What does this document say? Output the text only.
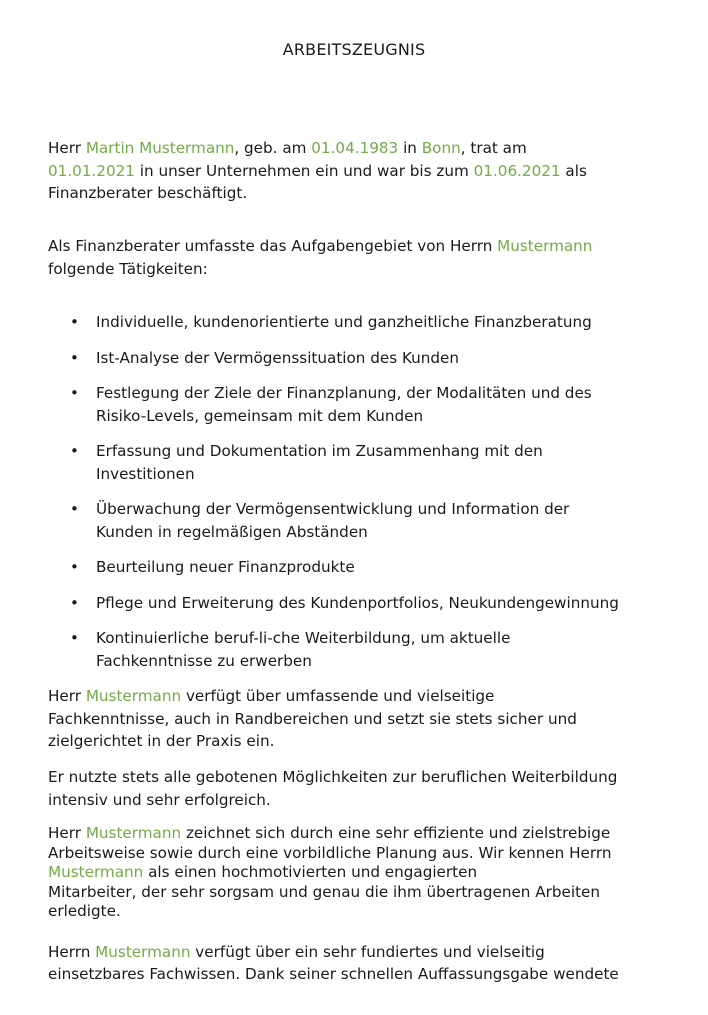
ARBEITSZEUGNIS

Herr Martin Mustermann, geb. am 01.04.1983 in Bonn, trat am
01.01.2021 in unser Unternehmen ein und war bis zum 01.06.2021 als
Finanzberater beschäftigt.

Als Finanzberater umfasste das Aufgabengebiet von Herrn Mustermann
folgende Tätigkeiten:

• Individuelle, kundenorientierte und ganzheitliche Finanzberatung
• Ist-Analyse der Vermögenssituation des Kunden
• Festlegung der Ziele der Finanzplanung, der Modalitäten und des
Risiko-Levels, gemeinsam mit dem Kunden
• Erfassung und Dokumentation im Zusammenhang mit den
Investitionen
• Überwachung der Vermögensentwicklung und Information der
Kunden in regelmäßigen Abständen
• Beurteilung neuer Finanzprodukte
• Pflege und Erweiterung des Kundenportfolios, Neukundengewinnung
• Kontinuierliche beruf-li-che Weiterbildung, um aktuelle
Fachkenntnisse zu erwerben

Herr Mustermann verfügt über umfassende und vielseitige
Fachkenntnisse, auch in Randbereichen und setzt sie stets sicher und
zielgerichtet in der Praxis ein.

Er nutzte stets alle gebotenen Möglichkeiten zur beruflichen Weiterbildung
intensiv und sehr erfolgreich.

Herr Mustermann zeichnet sich durch eine sehr effiziente und zielstrebige
Arbeitsweise sowie durch eine vorbildliche Planung aus. Wir kennen Herrn
Mustermann als einen hochmotivierten und engagierten
Mitarbeiter, der sehr sorgsam und genau die ihm übertragenen Arbeiten
erledigte.

Herrn Mustermann verfügt über ein sehr fundiertes und vielseitig
einsetzbares Fachwissen. Dank seiner schnellen Auffassungsgabe wendete
